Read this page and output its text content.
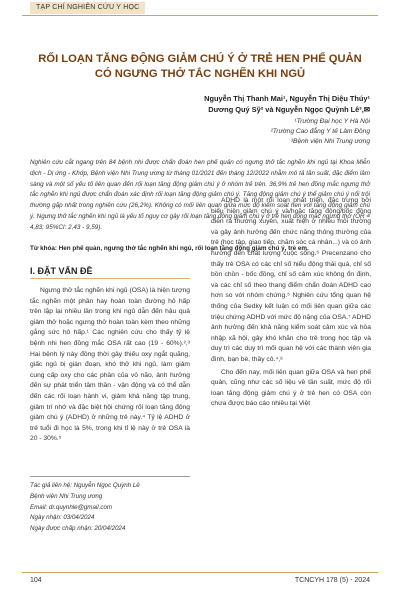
TẠP CHÍ NGHIÊN CỨU Y HỌC
RỐI LOẠN TĂNG ĐỘNG GIẢM CHÚ Ý Ở TRẺ HEN PHẾ QUẢN CÓ NGƯNG THỞ TẮC NGHẼN KHI NGỦ
Nguyễn Thị Thanh Mai¹, Nguyễn Thị Diệu Thúy¹
Dương Quý Sỹ² và Nguyễn Ngọc Quỳnh Lê³,✉
¹Trường Đại học Y Hà Nội
²Trường Cao đẳng Y tế Lâm Đồng
³Bệnh viện Nhi Trung ương
Nghiên cứu cắt ngang trên 84 bệnh nhi được chẩn đoán hen phế quản có ngưng thở tắc nghẽn khi ngủ tại Khoa Miễn dịch - Dị ứng - Khớp, Bệnh viện Nhi Trung ương từ tháng 01/2021 đến tháng 12/2022 nhằm mô tả tần suất, đặc điểm lâm sàng và một số yếu tố liên quan đến rối loạn tăng động giảm chú ý ở nhóm trẻ trên. 36,9% trẻ hen đồng mắc ngưng thở tắc nghẽn khi ngủ được chẩn đoán xác định rối loạn tăng động giảm chú ý. Tăng động giảm chú ý thể giảm chú ý nổi trội thường gặp nhất trong nghiên cứu (26,2%). Không có mối liên quan giữa mức độ kiểm soát hen với tăng động giảm chú ý. Ngưng thở tắc nghẽn khi ngủ là yếu tố nguy cơ gây rối loạn tăng động giảm chú ý ở trẻ hen đồng mắc ngưng thở (OR = 4,83; 95%CI: 2,43 - 9,59).
Từ khóa: Hen phế quản, ngưng thở tắc nghẽn khi ngủ, rối loạn tăng động giảm chú ý, trẻ em.
I. ĐẶT VẤN ĐỀ

Ngưng thở tắc nghẽn khi ngủ (OSA) là hiện tượng tắc nghẽn một phần hay hoàn toàn đường hô hấp trên lặp lại nhiều lần trong khi ngủ dẫn đến hậu quả giảm thở hoặc ngưng thở hoàn toàn kèm theo những gắng sức hô hấp.¹ Các nghiên cứu cho thấy tỷ lệ bệnh nhi hen đồng mắc OSA rất cao (19 - 60%).²,³ Hai bệnh lý này đồng thời gây thiếu oxy ngắt quãng, giấc ngủ bị gián đoạn, khó thở khi ngủ, làm giảm cung cấp oxy cho các phần của vỏ não, ảnh hưởng đến sự phát triển tâm thần - vận động và có thể dẫn đến các rối loạn hành vi, giảm khả năng tập trung, giảm trí nhớ và đặc biệt hội chứng rối loạn tăng động giảm chú ý (ADHD) ở những trẻ này.⁴ Tỷ lệ ADHD ở trẻ tuổi đi học là 5%, trong khi tỉ lệ này ở trẻ OSA là 20 - 30%.⁵

ADHD là một rối loạn phát triển, đặc trưng bởi biểu hiện giảm chú ý và/hoặc tăng động/bốc đồng diễn ra thường xuyên, xuất hiện ở nhiều môi trường và gây ảnh hưởng đến chức năng thông thường của trẻ (học tập, giao tiếp, chăm sóc cá nhân...) và có ảnh hưởng đến chất lượng cuộc sống.⁶ Precenzano cho thấy trẻ OSA có các chỉ số hiểu động thái quá, chỉ số bồn chồn - bốc đồng, chỉ số cảm xúc không ổn định, và các chỉ số theo thang điểm chẩn đoán ADHD cao hơn so với nhóm chứng.⁵ Nghiên cứu tổng quan hệ thống của Sedky kết luận có mối liên quan giữa các triệu chứng ADHD với mức độ nặng của OSA.⁷ ADHD ảnh hưởng đến khả năng kiểm soát cảm xúc và hòa nhập xã hội, gây khó khăn cho trẻ trong học tập và duy trì các duy trì mối quan hệ với các thành viên gia đình, bạn bè, thầy cô.⁴,⁸

Cho đến nay, mối liên quan giữa OSA và hen phế quản, cũng như các số liệu về tần suất, mức độ rối loạn tăng động giảm chú ý ở trẻ hen có OSA còn chưa được báo cáo nhiều tại Việt

Tác giả liên hệ: Nguyễn Ngọc Quỳnh Lê
Bệnh viện Nhi Trung ương
Email: dr.quynhle@gmail.com
Ngày nhận: 03/04/2024
Ngày được chấp nhận: 20/04/2024
104	TCNCYH 178 (5) - 2024
